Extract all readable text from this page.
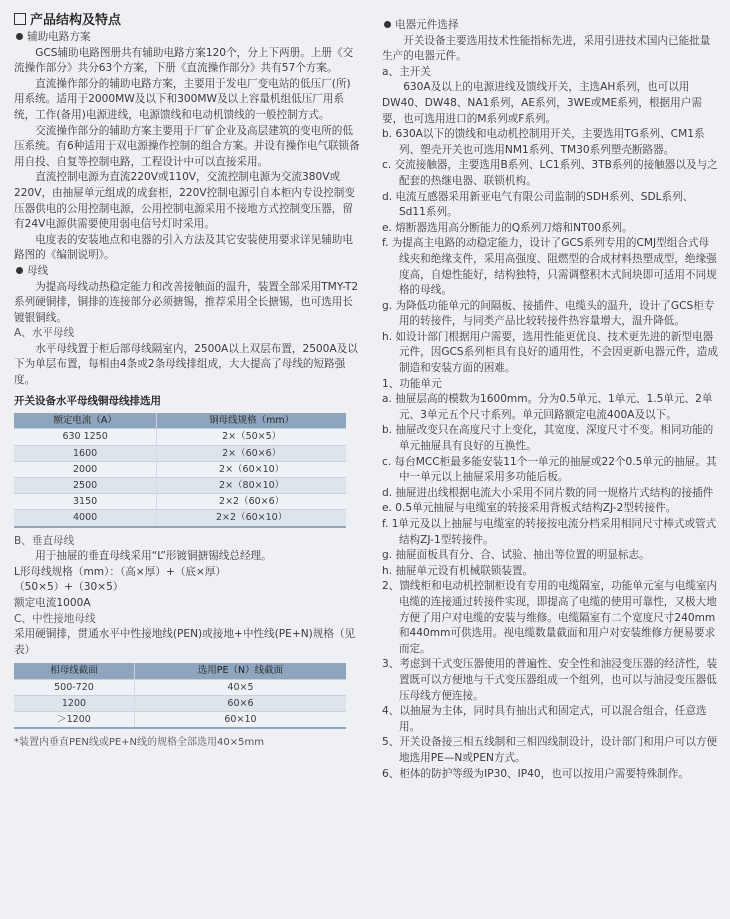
产品结构及特点
辅助电路方案

GCS辅助电路图册共有辅助电路方案120个，分上下两册。上册《交流操作部分》共分63个方案，下册《直流操作部分》共有57个方案。

直流操作部分的辅助电路方案，主要用于发电厂变电站的低压厂(所)用系统。适用于2000MW及以下和300MW及以上容量机组低压厂用系统，工作(备用)电源进线，电源馈线和电动机馈线的一般控制方式。

交流操作部分的辅助方案主要用于厂矿企业及高层建筑的变电所的低压系统。有6种适用于双电源操作控制的组合方案。并设有操作电气联锁备用自投、自复等控制电路，工程设计中可以直接采用。

直流控制电源为直流220V或110V，交流控制电源为交流380V或220V，由抽屉单元组成的成套柜，220V控制电源引自本柜内专设控制变压器供电的公用控制电源，公用控制电源采用不接地方式控制变压器，留有24V电源供需要使用弱电信号灯时采用。

电度表的安装地点和电器的引入方法及其它安装使用要求详见辅助电路图的《编制说明》。

母线

为提高母线动热稳定能力和改善接触面的温升，装置全部采用TMY-T2系列硬铜排，铜排的连接部分必须搪锡，推荐采用全长搪锡，也可选用长镀银铜线。

A、水平母线

水平母线置于柜后部母线隔室内，2500A以上双层布置，2500A及以下为单层布置，每相由4条或2条母线排组成，大大提高了母线的短路强度。

开关设备水平母线铜母线排选用
额定电流（A）	铜母线规格（mm）
630 1250	2×（50×5）
1600	2×（60×6）
2000	2×（60×10）
2500	2×（80×10）
3150	2×2（60×6）
4000	2×2（60×10）
B、垂直母线

用于抽屉的垂直母线采用“L”形镀铜搪锡线总经理。

L形母线规格（mm）：（高×厚）+（底×厚）

（50×5）+（30×5）

额定电流1000A

C、中性接地母线

采用硬铜排，贯通水平中性接地线(PEN)或接地+中性线(PE+N)规格（见表）

相母线截面	选用PE（N）线截面
500-720	40×5
1200	60×6
＞1200	60×10

*装置内垂直PEN线或PE+N线的规格全部选用40×5mm

电器元件选择

开关设备主要选用技术性能指标先进，采用引进技术国内已能批量生产的电器元件。

a、主开关

630A及以上的电源进线及馈线开关，主选AH系列，也可以用DW40、DW48、NA1系列，AE系列，3WE或ME系列，根据用户需要，也可选用进口的M系列或F系列。

b. 630A以下的馈线和电动机控制用开关，主要选用TG系列、CM1系列、塑壳开关也可选用NM1系列、TM30系列塑壳断路器。

c. 交流接触器，主要选用B系列、LC1系列、3TB系列的接触器以及与之配套的热继电器、联锁机构。

d. 电流互感器采用新亚电气有限公司监制的SDH系列、SDL系列、Sd11系列。

e. 熔断器选用高分断能力的Q系列刀熔和NT00系列。

f. 为提高主电路的动稳定能力，设计了GCS系列专用的CMJ型组合式母线夹和绝缘支件，采用高强度、阻燃型的合成材料热塑成型，绝缘强度高，自熄性能好，结构独特，只需调整积木式间块即可适用不同规格的母线。

g. 为降低功能单元的间隔板、接插件、电缆头的温升，设计了GCS柜专用的转接件，与同类产品比较转接件热容量增大，温升降低。

h. 如设计部门根据用户需要，选用性能更优良、技术更先进的新型电器元件，因GCS系列柜具有良好的通用性，不会因更新电器元件，造成制造和安装方面的困难。

1、功能单元

a. 抽屉层高的模数为1600mm。分为0.5单元、1单元、1.5单元、2单元、3单元五个尺寸系列。单元回路额定电流400A及以下。

b. 抽屉改变只在高度尺寸上变化，其宽度、深度尺寸不变。相同功能的单元抽屉具有良好的互换性。

c. 每台MCC柜最多能安装11个一单元的抽屉或22个0.5单元的抽屉。其中一单元以上抽屉采用多功能后板。

d. 抽屉进出线根据电流大小采用不同片数的同一规格片式结构的接插件

e. 0.5单元抽屉与电缆室的转接采用背板式结构ZJ-2型转接件。

f. 1单元及以上抽屉与电缆室的转接按电流分档采用相同尺寸棒式或管式结构ZJ-1型转接件。

g. 抽屉面板具有分、合、试验、抽出等位置的明显标志。

h. 抽屉单元设有机械联锁装置。

2、馈线柜和电动机控制柜设有专用的电缆隔室，功能单元室与电缆室内电缆的连接通过转接件实现，即提高了电缆的使用可靠性，又极大地方便了用户对电缆的安装与维修。电缆隔室有二个宽度尺寸240mm和440mm可供选用。视电缆数量截面和用户对安装维修方便易要求而定。

3、考虑到干式变压器使用的普遍性、安全性和油浸变压器的经济性，装置既可以方便地与干式变压器组成一个组列，也可以与油浸变压器低压母线方便连接。

4、以抽屉为主体，同时具有抽出式和固定式，可以混合组合，任意选用。

5、开关设备接三相五线制和三相四线制设计，设计部门和用户可以方便地选用PE—N或PEN方式。

6、柜体的防护等级为IP30、IP40，也可以按用户需要特殊制作。
